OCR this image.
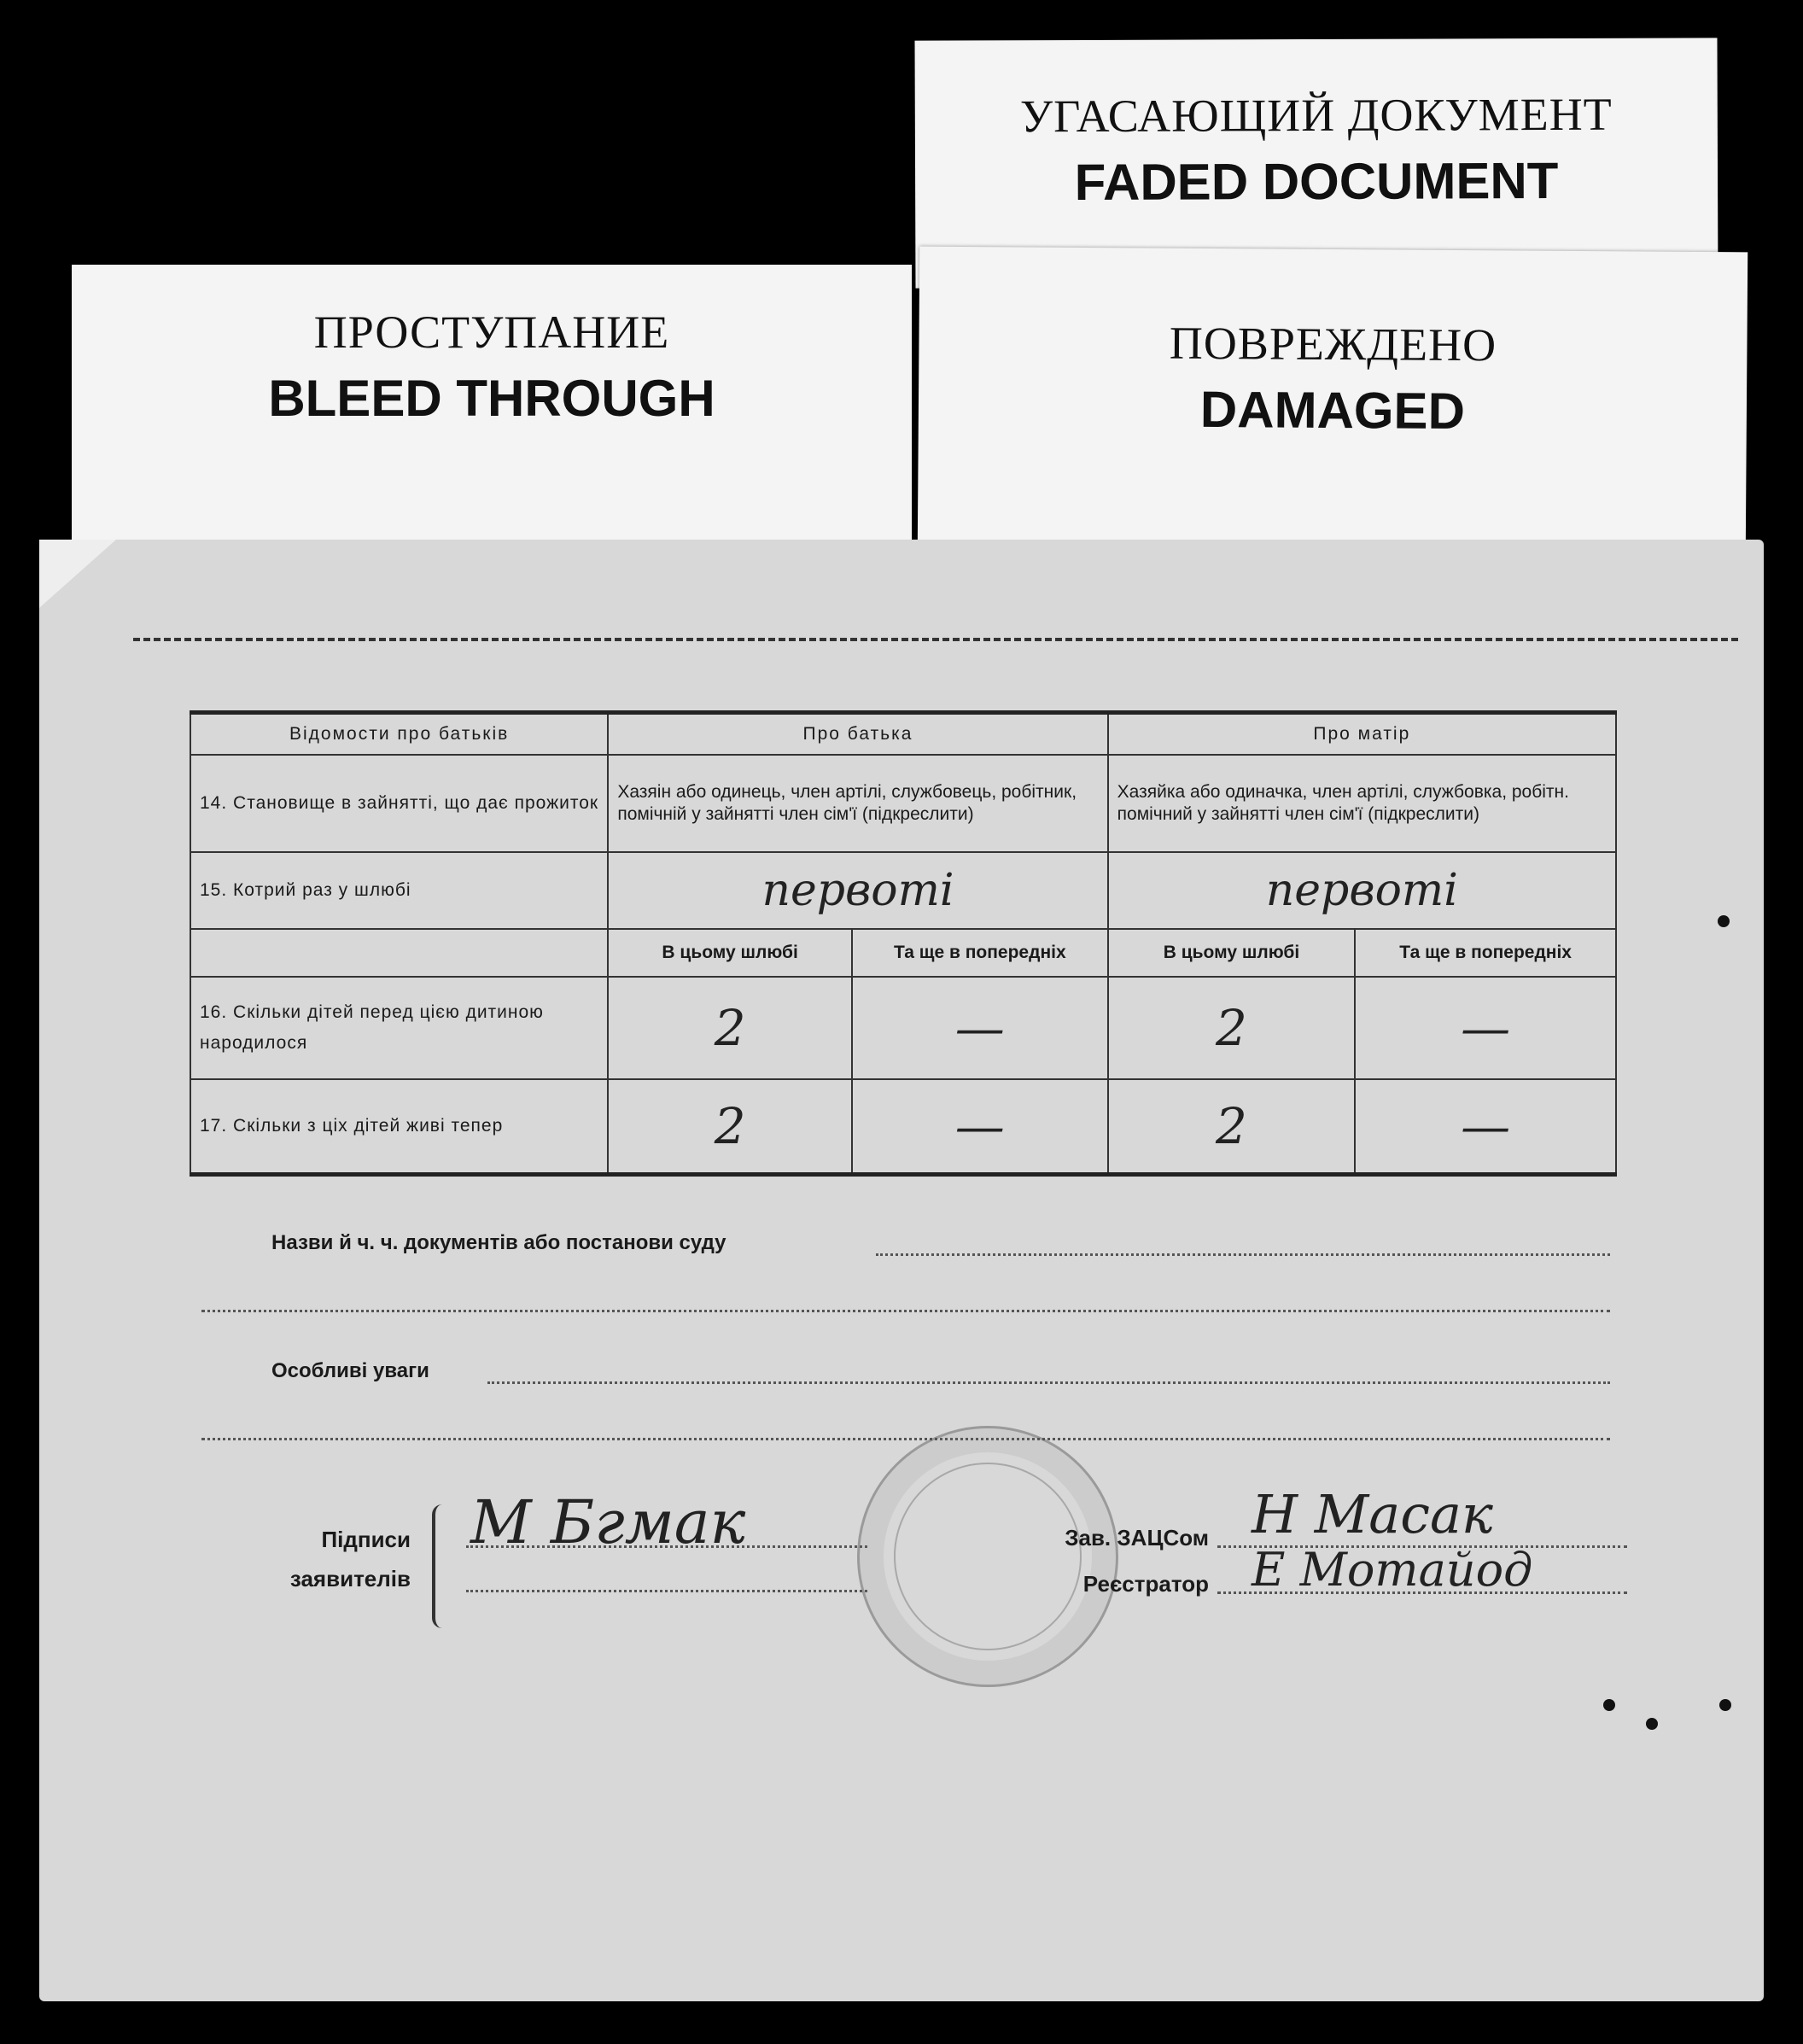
УГАСАЮЩИЙ ДОКУМЕНТ
FADED DOCUMENT
ПОВРЕЖДЕНО
DAMAGED
ПРОСТУПАНИЕ
BLEED THROUGH
Відомости про батьків	Про батька		Про матір	
14. Становище в зайнятті, що дає прожиток	Хазяін або одинець, член артілі, службовець, робітник, помічній у зайнятті член сім'ї (підкреслити)		Хазяйка або одиначка, член артілі, службовка, робітн. помічний у зайнятті член сім'ї (підкреслити)	
15. Котрий раз у шлюбі	первоті		первоті	
	В цьому шлюбі	Та ще в попередніх	В цьому шлюбі	Та ще в попередніх
16. Скільки дітей перед цією дитиною народилося	2	—	2	—
17. Скільки з ціх дітей живі тепер	2	—	2	—
Назви й ч. ч. документів або постанови суду
Особливі уваги
Підписи заявителів
М Бгмак	Зав. ЗАЦСом
Реєстратор
Н Масак
Е Мотайод
